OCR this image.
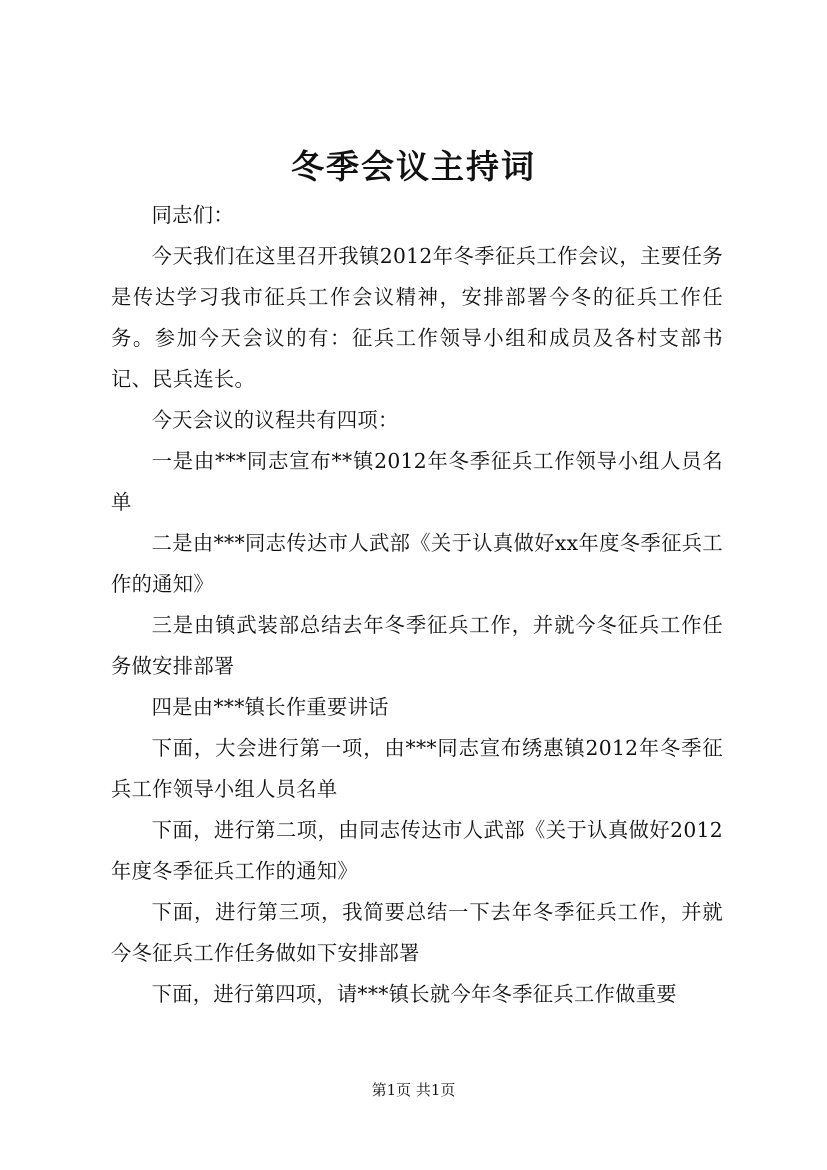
冬季会议主持词

同志们：

今天我们在这里召开我镇2012年冬季征兵工作会议，主要任务是传达学习我市征兵工作会议精神，安排部署今冬的征兵工作任务。参加今天会议的有：征兵工作领导小组和成员及各村支部书记、民兵连长。

今天会议的议程共有四项：

一是由***同志宣布**镇2012年冬季征兵工作领导小组人员名单

二是由***同志传达市人武部《关于认真做好xx年度冬季征兵工作的通知》

三是由镇武装部总结去年冬季征兵工作，并就今冬征兵工作任务做安排部署

四是由***镇长作重要讲话

下面，大会进行第一项，由***同志宣布绣惠镇2012年冬季征兵工作领导小组人员名单

下面，进行第二项，由同志传达市人武部《关于认真做好2012年度冬季征兵工作的通知》

下面，进行第三项，我简要总结一下去年冬季征兵工作，并就今冬征兵工作任务做如下安排部署

下面，进行第四项，请***镇长就今年冬季征兵工作做重要

第1页 共1页
